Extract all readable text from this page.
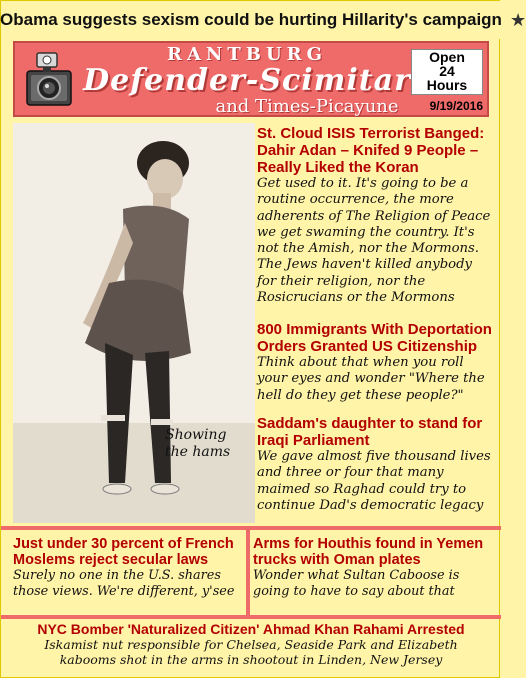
Obama suggests sexism could be hurting Hillarity's campaign ★
RANTBURG
Defender-Scimitar
and Times-Picayune
Open
24
Hours
9/19/2016
Showing
the hams
St. Cloud ISIS Terrorist Banged: Dahir Adan – Knifed 9 People – Really Liked the Koran
Get used to it. It's going to be a routine occurrence, the more adherents of The Religion of Peace we get swaming the country. It's not the Amish, nor the Mormons. The Jews haven't killed anybody for their religion, nor the Rosicrucians or the Mormons
800 Immigrants With Deportation Orders Granted US Citizenship
Think about that when you roll your eyes and wonder "Where the hell do they get these people?"
Saddam's daughter to stand for Iraqi Parliament
We gave almost five thousand lives and three or four that many maimed so Raghad could try to continue Dad's democratic legacy
Just under 30 percent of French Moslems reject secular laws
Surely no one in the U.S. shares those views. We're different, y'see
Arms for Houthis found in Yemen trucks with Oman plates
Wonder what Sultan Caboose is going to have to say about that
NYC Bomber 'Naturalized Citizen' Ahmad Khan Rahami Arrested
Iskamist nut responsible for Chelsea, Seaside Park and Elizabeth kabooms shot in the arms in shootout in Linden, New Jersey
